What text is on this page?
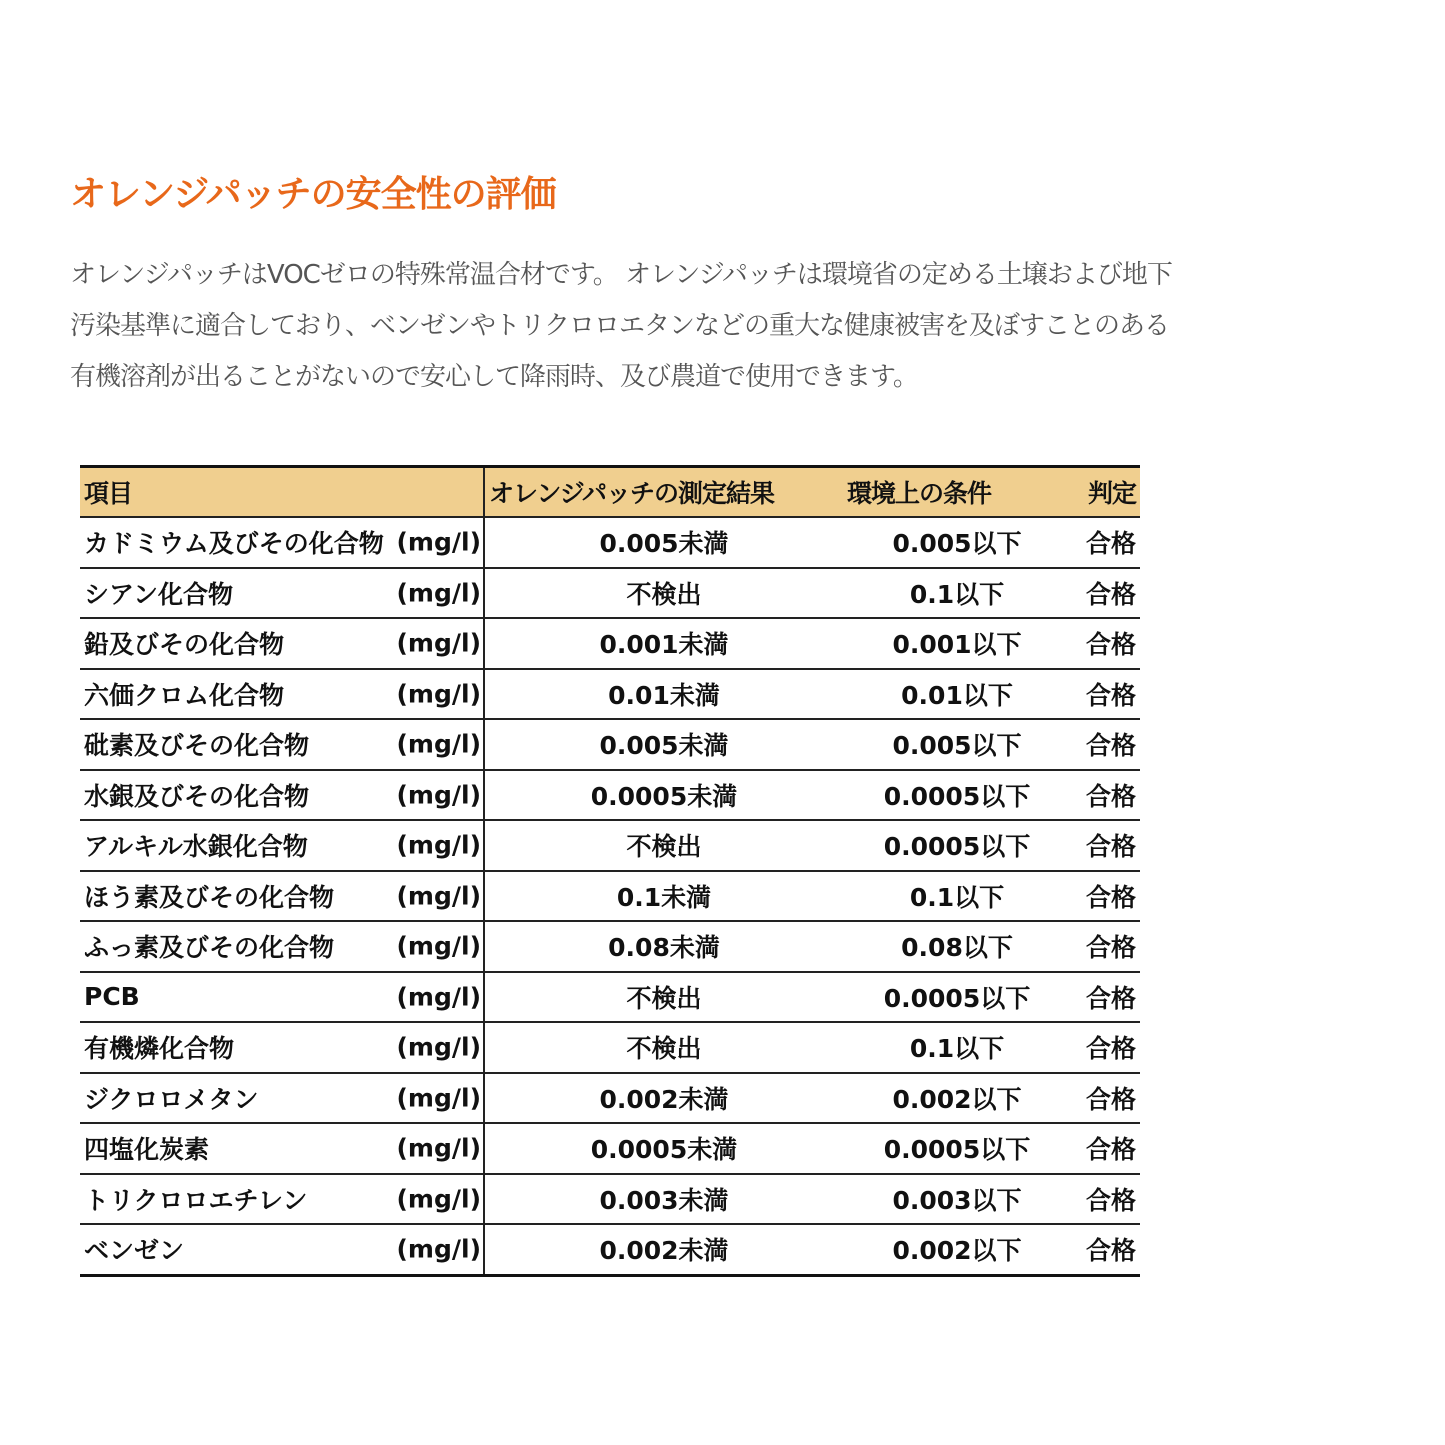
オレンジパッチの安全性の評価

オレンジパッチはVOCゼロの特殊常温合材です。 オレンジパッチは環境省の定める土壌および地下

汚染基準に適合しており、ベンゼンやトリクロロエタンなどの重大な健康被害を及ぼすことのある

有機溶剤が出ることがないので安心して降雨時、及び農道で使用できます。

項目	オレンジパッチの測定結果	環境上の条件	判定
カドミウム及びその化合物 (mg/l)	0.005未満	0.005以下	合格
シアン化合物 (mg/l)	不検出	0.1以下	合格
鉛及びその化合物 (mg/l)	0.001未満	0.001以下	合格
六価クロム化合物 (mg/l)	0.01未満	0.01以下	合格
砒素及びその化合物 (mg/l)	0.005未満	0.005以下	合格
水銀及びその化合物 (mg/l)	0.0005未満	0.0005以下	合格
アルキル水銀化合物 (mg/l)	不検出	0.0005以下	合格
ほう素及びその化合物 (mg/l)	0.1未満	0.1以下	合格
ふっ素及びその化合物 (mg/l)	0.08未満	0.08以下	合格
PCB (mg/l)	不検出	0.0005以下	合格
有機燐化合物 (mg/l)	不検出	0.1以下	合格
ジクロロメタン (mg/l)	0.002未満	0.002以下	合格
四塩化炭素 (mg/l)	0.0005未満	0.0005以下	合格
トリクロロエチレン (mg/l)	0.003未満	0.003以下	合格
ベンゼン (mg/l)	0.002未満	0.002以下	合格
